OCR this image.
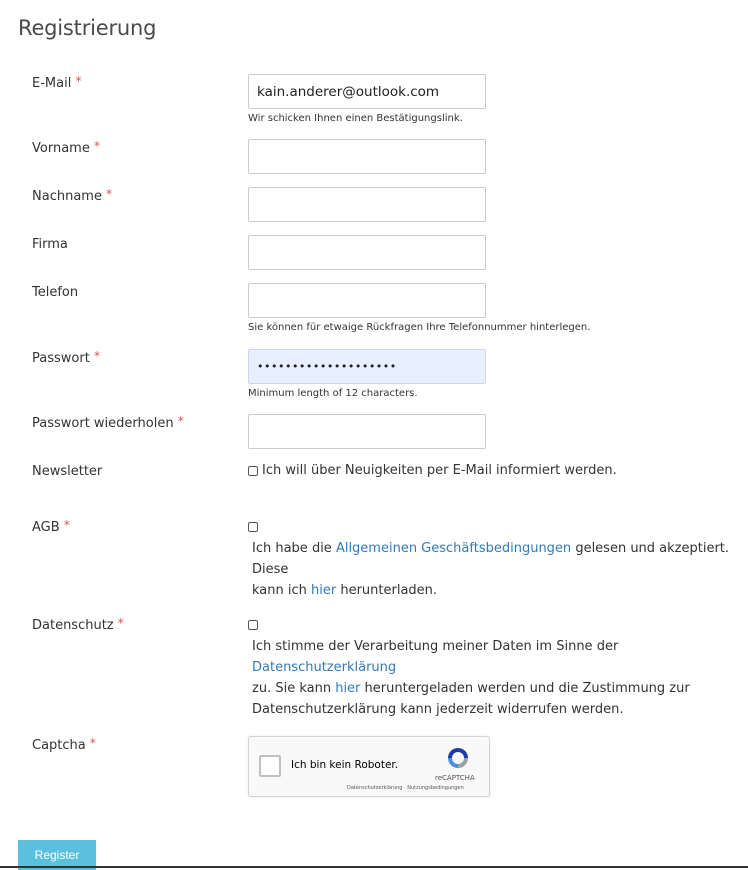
Registrierung
E-Mail *
kain.anderer@outlook.com
Wir schicken Ihnen einen Bestätigungslink.
Vorname *
Nachname *
Firma
Telefon
Sie können für etwaige Rückfragen Ihre Telefonnummer hinterlegen.
Passwort *
••••••••••••••••••••
Minimum length of 12 characters.
Passwort wiederholen *
Newsletter	Ich will über Neuigkeiten per E-Mail informiert werden.
AGB *
Ich habe die Allgemeinen Geschäftsbedingungen gelesen und akzeptiert. Diese
kann ich hier herunterladen.
Datenschutz *
Ich stimme der Verarbeitung meiner Daten im Sinne der Datenschutzerklärung
zu. Sie kann hier heruntergeladen werden und die Zustimmung zur
Datenschutzerklärung kann jederzeit widerrufen werden.
Captcha *
Ich bin kein Roboter.
reCAPTCHA
Datenschutzerklärung · Nutzungsbedingungen
Register
